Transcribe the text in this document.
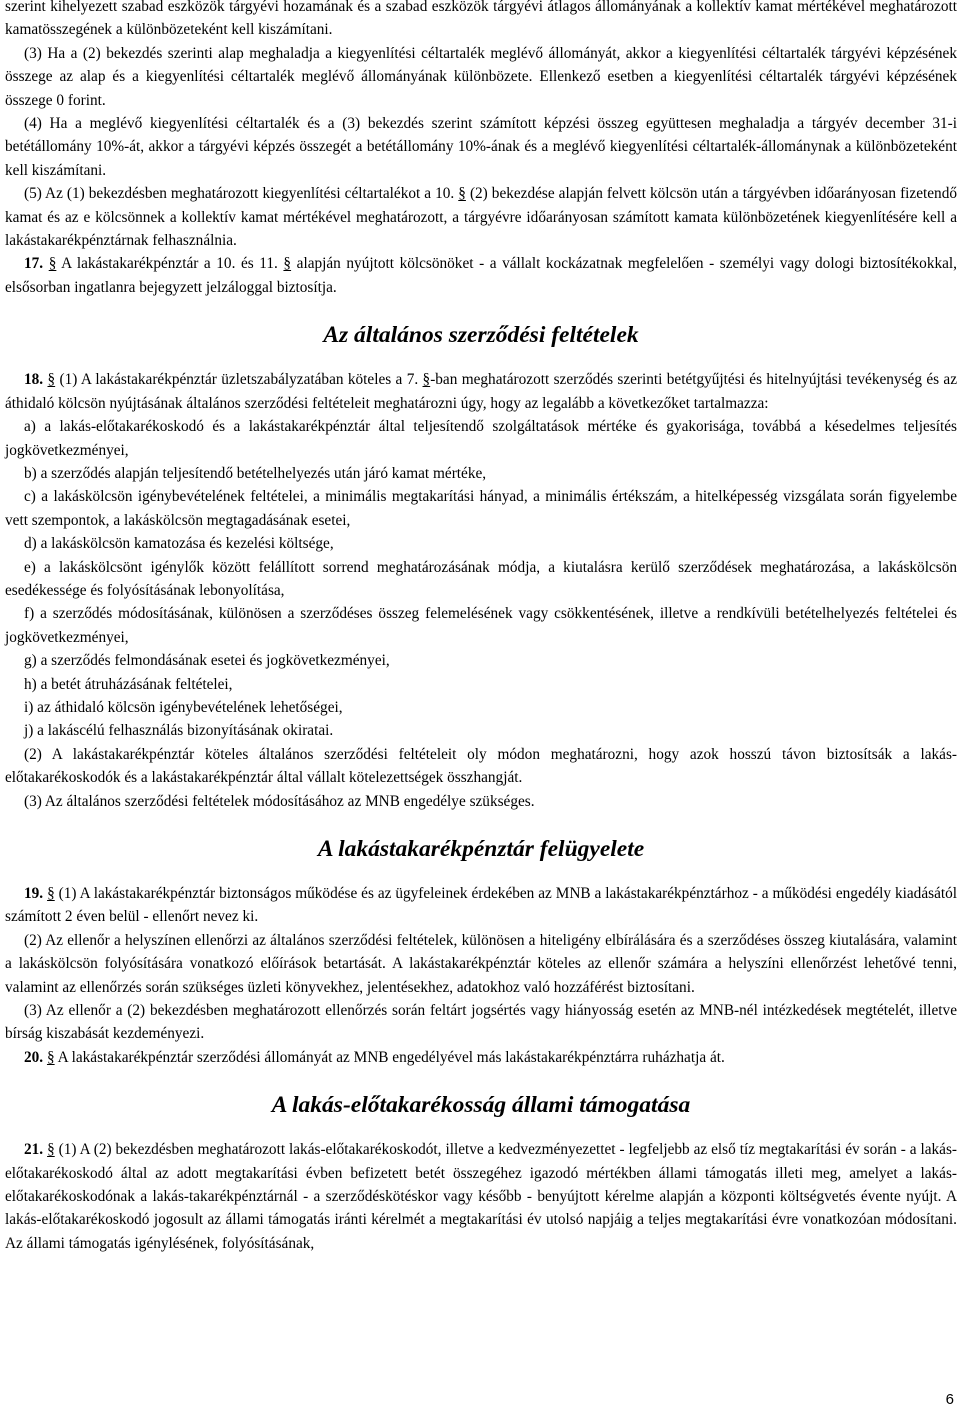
szerint kihelyezett szabad eszközök tárgyévi hozamának és a szabad eszközök tárgyévi átlagos állományának a kollektív kamat mértékével meghatározott kamatösszegének a különbözeteként kell kiszámítani.

(3) Ha a (2) bekezdés szerinti alap meghaladja a kiegyenlítési céltartalék meglévő állományát, akkor a kiegyenlítési céltartalék tárgyévi képzésének összege az alap és a kiegyenlítési céltartalék meglévő állományának különbözete. Ellenkező esetben a kiegyenlítési céltartalék tárgyévi képzésének összege 0 forint.

(4) Ha a meglévő kiegyenlítési céltartalék és a (3) bekezdés szerint számított képzési összeg együttesen meghaladja a tárgyév december 31-i betétállomány 10%-át, akkor a tárgyévi képzés összegét a betétállomány 10%-ának és a meglévő kiegyenlítési céltartalék-állománynak a különbözeteként kell kiszámítani.

(5) Az (1) bekezdésben meghatározott kiegyenlítési céltartalékot a 10. § (2) bekezdése alapján felvett kölcsön után a tárgyévben időarányosan fizetendő kamat és az e kölcsönnek a kollektív kamat mértékével meghatározott, a tárgyévre időarányosan számított kamata különbözetének kiegyenlítésére kell a lakástakarékpénztárnak felhasználnia.

17. § A lakástakarékpénztár a 10. és 11. § alapján nyújtott kölcsönöket - a vállalt kockázatnak megfelelően - személyi vagy dologi biztosítékokkal, elsősorban ingatlanra bejegyzett jelzáloggal biztosítja.

Az általános szerződési feltételek

18. § (1) A lakástakarékpénztár üzletszabályzatában köteles a 7. §-ban meghatározott szerződés szerinti betétgyűjtési és hitelnyújtási tevékenység és az áthidaló kölcsön nyújtásának általános szerződési feltételeit meghatározni úgy, hogy az legalább a következőket tartalmazza:

a) a lakás-előtakarékoskodó és a lakástakarékpénztár által teljesítendő szolgáltatások mértéke és gyakorisága, továbbá a késedelmes teljesítés jogkövetkezményei,

b) a szerződés alapján teljesítendő betételhelyezés után járó kamat mértéke,

c) a lakáskölcsön igénybevételének feltételei, a minimális megtakarítási hányad, a minimális értékszám, a hitelképesség vizsgálata során figyelembe vett szempontok, a lakáskölcsön megtagadásának esetei,

d) a lakáskölcsön kamatozása és kezelési költsége,

e) a lakáskölcsönt igénylők között felállított sorrend meghatározásának módja, a kiutalásra kerülő szerződések meghatározása, a lakáskölcsön esedékessége és folyósításának lebonyolítása,

f) a szerződés módosításának, különösen a szerződéses összeg felemelésének vagy csökkentésének, illetve a rendkívüli betételhelyezés feltételei és jogkövetkezményei,

g) a szerződés felmondásának esetei és jogkövetkezményei,

h) a betét átruházásának feltételei,

i) az áthidaló kölcsön igénybevételének lehetőségei,

j) a lakáscélú felhasználás bizonyításának okiratai.

(2) A lakástakarékpénztár köteles általános szerződési feltételeit oly módon meghatározni, hogy azok hosszú távon biztosítsák a lakás-előtakarékoskodók és a lakástakarékpénztár által vállalt kötelezettségek összhangját.

(3) Az általános szerződési feltételek módosításához az MNB engedélye szükséges.

A lakástakarékpénztár felügyelete

19. § (1) A lakástakarékpénztár biztonságos működése és az ügyfeleinek érdekében az MNB a lakástakarékpénztárhoz - a működési engedély kiadásától számított 2 éven belül - ellenőrt nevez ki.

(2) Az ellenőr a helyszínen ellenőrzi az általános szerződési feltételek, különösen a hiteligény elbírálására és a szerződéses összeg kiutalására, valamint a lakáskölcsön folyósítására vonatkozó előírások betartását. A lakástakarékpénztár köteles az ellenőr számára a helyszíni ellenőrzést lehetővé tenni, valamint az ellenőrzés során szükséges üzleti könyvekhez, jelentésekhez, adatokhoz való hozzáférést biztosítani.

(3) Az ellenőr a (2) bekezdésben meghatározott ellenőrzés során feltárt jogsértés vagy hiányosság esetén az MNB-nél intézkedések megtételét, illetve bírság kiszabását kezdeményezi.

20. § A lakástakarékpénztár szerződési állományát az MNB engedélyével más lakástakarékpénztárra ruházhatja át.

A lakás-előtakarékosság állami támogatása

21. § (1) A (2) bekezdésben meghatározott lakás-előtakarékoskodót, illetve a kedvezményezettet - legfeljebb az első tíz megtakarítási év során - a lakás-előtakarékoskodó által az adott megtakarítási évben befizetett betét összegéhez igazodó mértékben állami támogatás illeti meg, amelyet a lakás-előtakarékoskodónak a lakás-takarékpénztárnál - a szerződéskötéskor vagy később - benyújtott kérelme alapján a központi költségvetés évente nyújt. A lakás-előtakarékoskodó jogosult az állami támogatás iránti kérelmét a megtakarítási év utolsó napjáig a teljes megtakarítási évre vonatkozóan módosítani. Az állami támogatás igénylésének, folyósításának,

6
